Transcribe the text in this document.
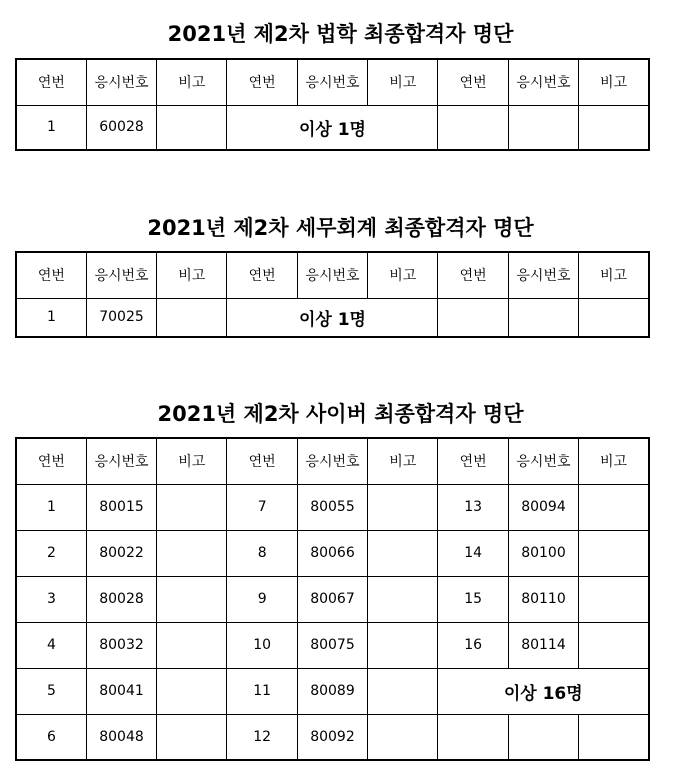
2021년 제2차 법학 최종합격자 명단
연번	응시번호	비고	연번	응시번호	비고	연번	응시번호	비고
1	60028		이상 1명					
2021년 제2차 세무회계 최종합격자 명단
연번	응시번호	비고	연번	응시번호	비고	연번	응시번호	비고
1	70025		이상 1명					
2021년 제2차 사이버 최종합격자 명단
연번	응시번호	비고	연번	응시번호	비고	연번	응시번호	비고
1	80015		7	80055		13	80094	
2	80022		8	80066		14	80100	
3	80028		9	80067		15	80110	
4	80032		10	80075		16	80114	
5	80041		11	80089		이상 16명		
6	80048		12	80092				
